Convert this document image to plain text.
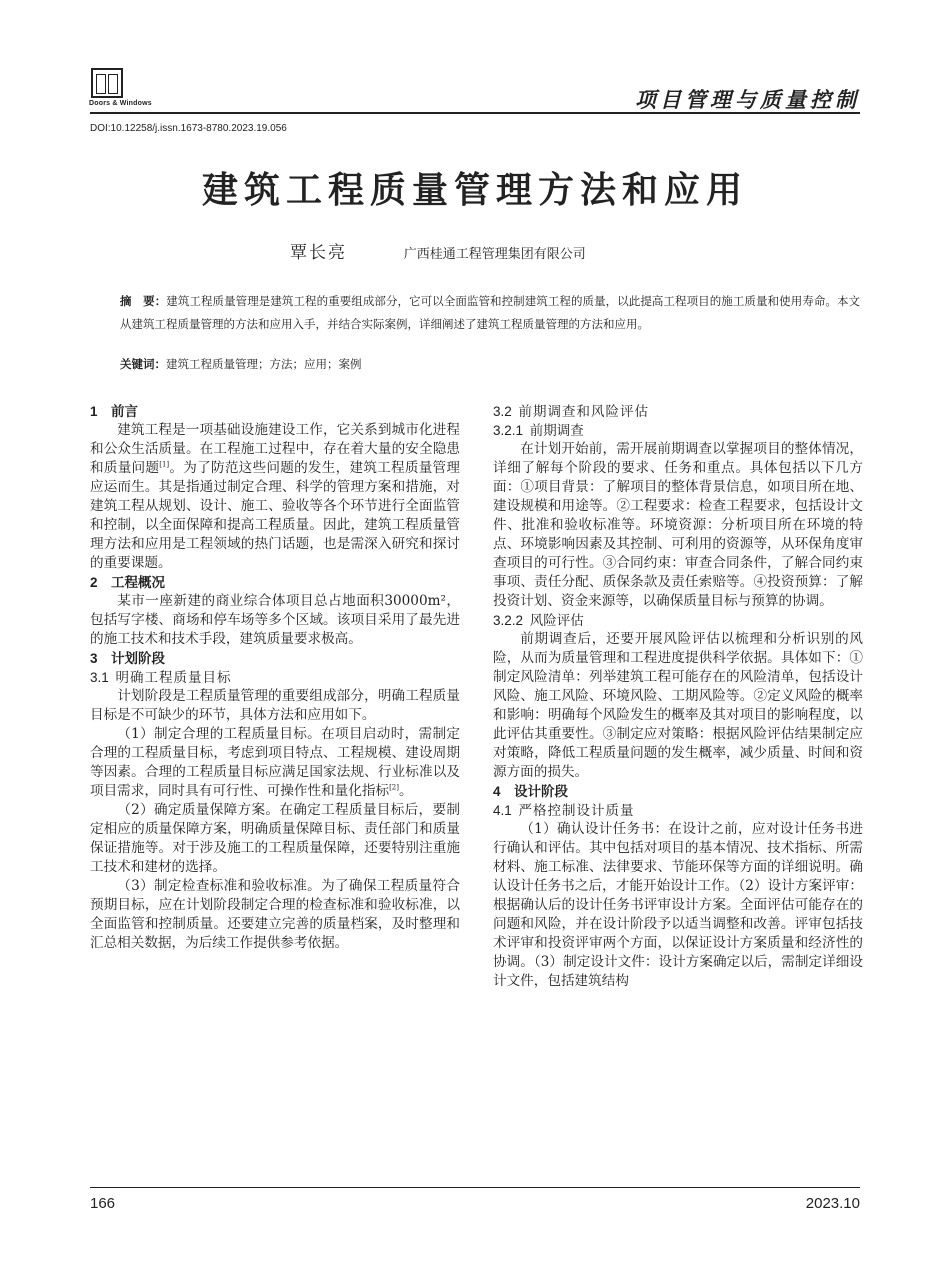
Doors & Windows	项目管理与质量控制
DOI:10.12258/j.issn.1673-8780.2023.19.056
建筑工程质量管理方法和应用
覃长亮	广西桂通工程管理集团有限公司

摘　要：建筑工程质量管理是建筑工程的重要组成部分，它可以全面监管和控制建筑工程的质量，以此提高工程项目的施工质量和使用寿命。本文从建筑工程质量管理的方法和应用入手，并结合实际案例，详细阐述了建筑工程质量管理的方法和应用。

关键词：建筑工程质量管理；方法；应用；案例
1  前言

建筑工程是一项基础设施建设工作，它关系到城市化进程和公众生活质量。在工程施工过程中，存在着大量的安全隐患和质量问题[1]。为了防范这些问题的发生，建筑工程质量管理应运而生。其是指通过制定合理、科学的管理方案和措施，对建筑工程从规划、设计、施工、验收等各个环节进行全面监管和控制，以全面保障和提高工程质量。因此，建筑工程质量管理方法和应用是工程领域的热门话题，也是需深入研究和探讨的重要课题。

2  工程概况

某市一座新建的商业综合体项目总占地面积30000m²，包括写字楼、商场和停车场等多个区域。该项目采用了最先进的施工技术和技术手段，建筑质量要求极高。

3  计划阶段
3.1  明确工程质量目标

计划阶段是工程质量管理的重要组成部分，明确工程质量目标是不可缺少的环节，具体方法和应用如下。

（1）制定合理的工程质量目标。在项目启动时，需制定合理的工程质量目标，考虑到项目特点、工程规模、建设周期等因素。合理的工程质量目标应满足国家法规、行业标准以及项目需求，同时具有可行性、可操作性和量化指标[2]。

（2）确定质量保障方案。在确定工程质量目标后，要制定相应的质量保障方案，明确质量保障目标、责任部门和质量保证措施等。对于涉及施工的工程质量保障，还要特别注重施工技术和建材的选择。

（3）制定检查标准和验收标准。为了确保工程质量符合预期目标，应在计划阶段制定合理的检查标准和验收标准，以全面监管和控制质量。还要建立完善的质量档案，及时整理和汇总相关数据，为后续工作提供参考依据。

3.2  前期调查和风险评估
3.2.1  前期调查

在计划开始前，需开展前期调查以掌握项目的整体情况，详细了解每个阶段的要求、任务和重点。具体包括以下几方面：①项目背景：了解项目的整体背景信息，如项目所在地、建设规模和用途等。②工程要求：检查工程要求，包括设计文件、批准和验收标准等。环境资源：分析项目所在环境的特点、环境影响因素及其控制、可利用的资源等，从环保角度审查项目的可行性。③合同约束：审查合同条件，了解合同约束事项、责任分配、质保条款及责任索赔等。④投资预算：了解投资计划、资金来源等，以确保质量目标与预算的协调。

3.2.2  风险评估

前期调查后，还要开展风险评估以梳理和分析识别的风险，从而为质量管理和工程进度提供科学依据。具体如下：①制定风险清单：列举建筑工程可能存在的风险清单，包括设计风险、施工风险、环境风险、工期风险等。②定义风险的概率和影响：明确每个风险发生的概率及其对项目的影响程度，以此评估其重要性。③制定应对策略：根据风险评估结果制定应对策略，降低工程质量问题的发生概率，减少质量、时间和资源方面的损失。

4  设计阶段
4.1  严格控制设计质量

（1）确认设计任务书：在设计之前，应对设计任务书进行确认和评估。其中包括对项目的基本情况、技术指标、所需材料、施工标准、法律要求、节能环保等方面的详细说明。确认设计任务书之后，才能开始设计工作。（2）设计方案评审：根据确认后的设计任务书评审设计方案。全面评估可能存在的问题和风险，并在设计阶段予以适当调整和改善。评审包括技术评审和投资评审两个方面，以保证设计方案质量和经济性的协调。（3）制定设计文件：设计方案确定以后，需制定详细设计文件，包括建筑结构

166	2023.10
